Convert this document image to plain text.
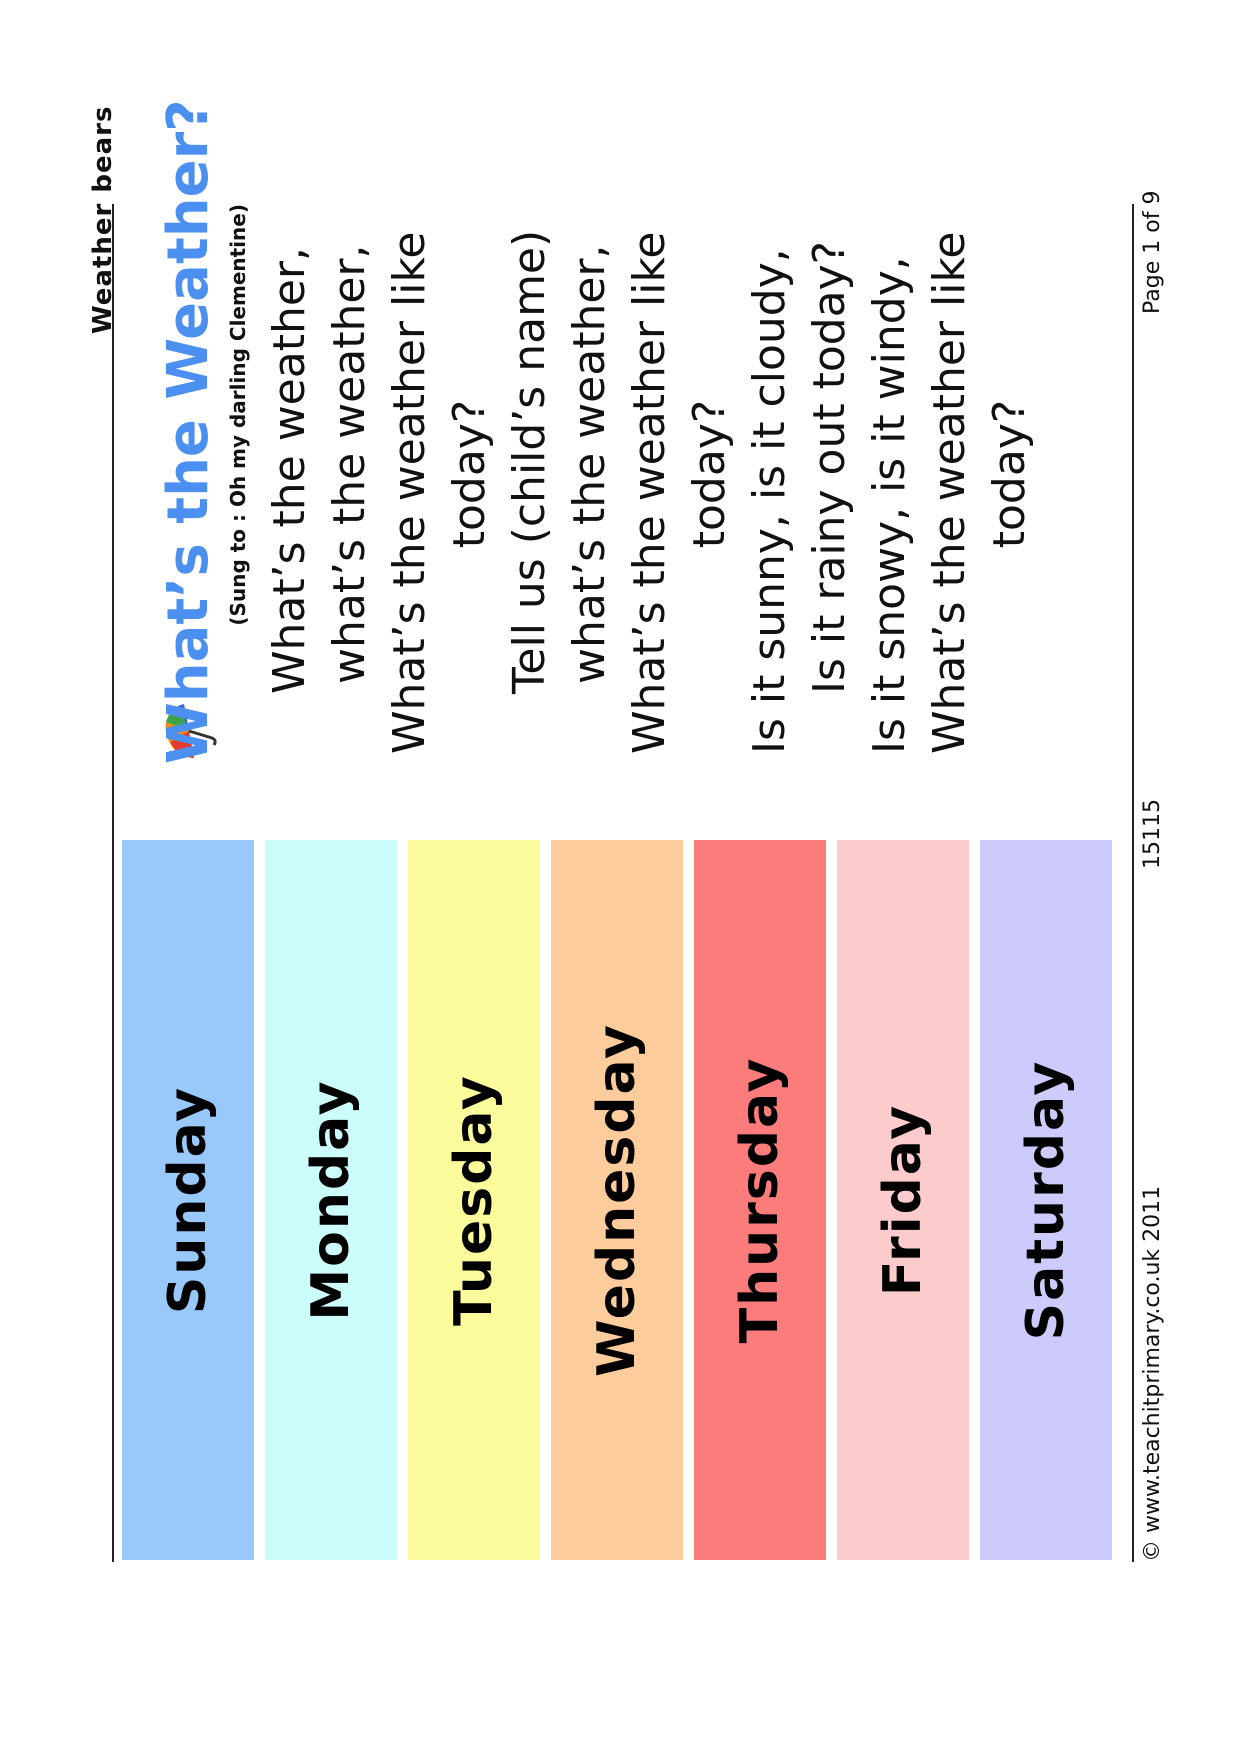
Weather bears
Sunday Monday Tuesday Wednesday Thursday Friday Saturday
What’s the Weather? (Sung to : Oh my darling Clementine) What’s the weather, what’s the weather, What’s the weather like today? Tell us (child’s name) what’s the weather, What’s the weather like today? Is it sunny, is it cloudy, Is it rainy out today? Is it snowy, is it windy, What’s the weather like today?
© www.teachitprimary.co.uk 2011
15115
Page 1 of 9
